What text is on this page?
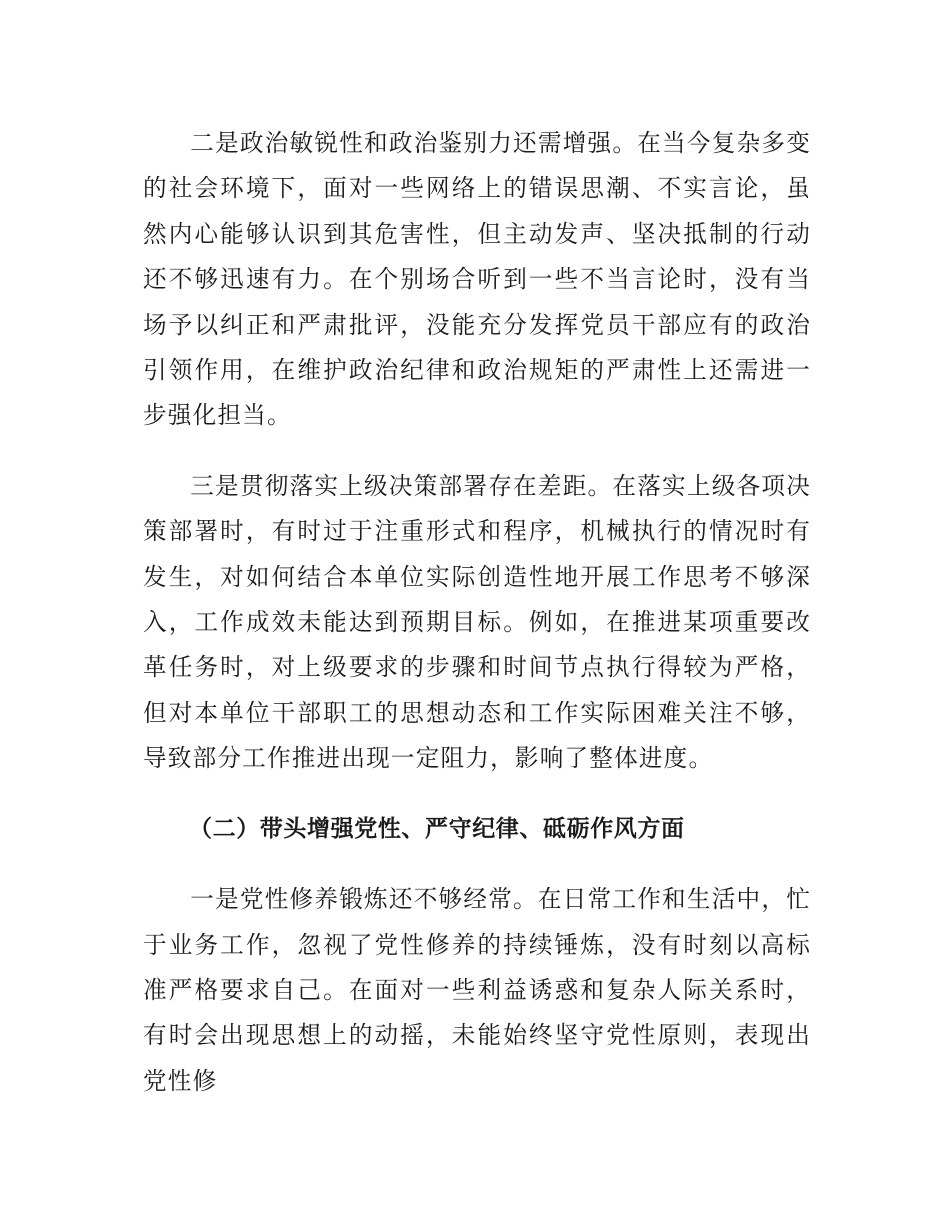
二是政治敏锐性和政治鉴别力还需增强。在当今复杂多变的社会环境下，面对一些网络上的错误思潮、不实言论，虽然内心能够认识到其危害性，但主动发声、坚决抵制的行动还不够迅速有力。在个别场合听到一些不当言论时，没有当场予以纠正和严肃批评，没能充分发挥党员干部应有的政治引领作用，在维护政治纪律和政治规矩的严肃性上还需进一步强化担当。

三是贯彻落实上级决策部署存在差距。在落实上级各项决策部署时，有时过于注重形式和程序，机械执行的情况时有发生，对如何结合本单位实际创造性地开展工作思考不够深入，工作成效未能达到预期目标。例如，在推进某项重要改革任务时，对上级要求的步骤和时间节点执行得较为严格，但对本单位干部职工的思想动态和工作实际困难关注不够，导致部分工作推进出现一定阻力，影响了整体进度。

（二）带头增强党性、严守纪律、砥砺作风方面

一是党性修养锻炼还不够经常。在日常工作和生活中，忙于业务工作，忽视了党性修养的持续锤炼，没有时刻以高标准严格要求自己。在面对一些利益诱惑和复杂人际关系时，有时会出现思想上的动摇，未能始终坚守党性原则，表现出党性修
